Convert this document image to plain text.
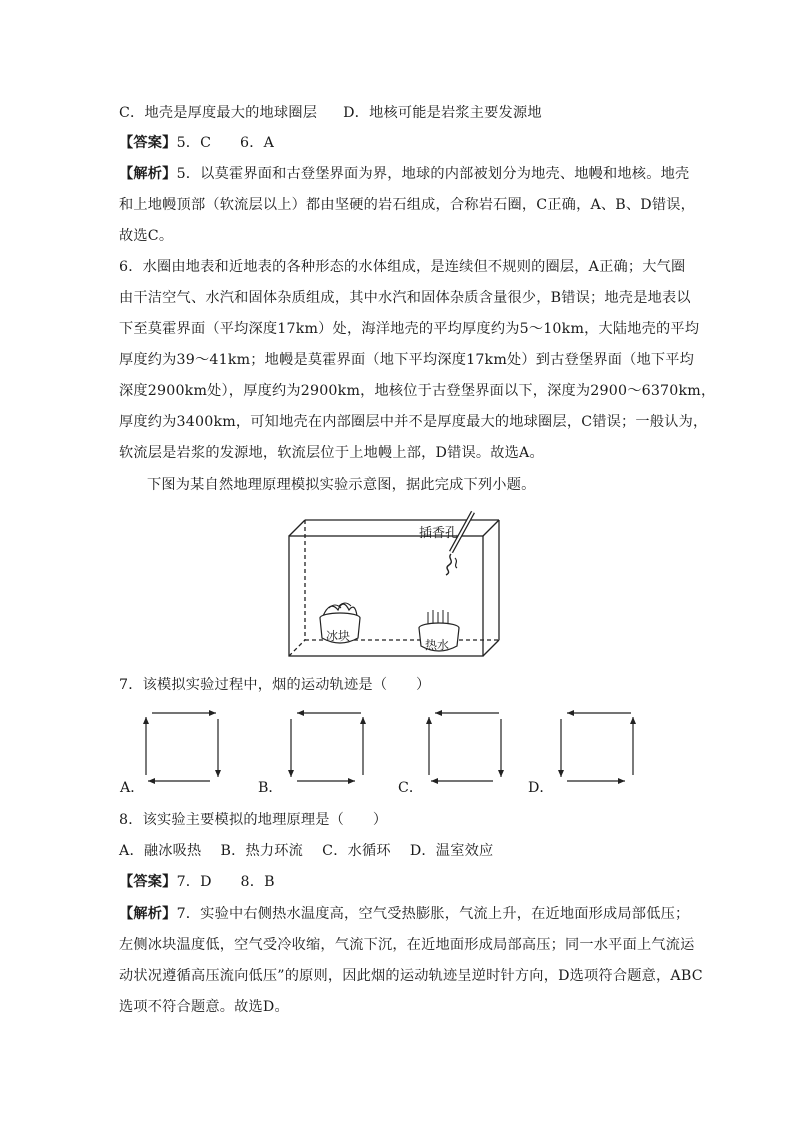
C．地壳是厚度最大的地球圈层 D．地核可能是岩浆主要发源地
【答案】5．C　　6．A
【解析】5．以莫霍界面和古登堡界面为界，地球的内部被划分为地壳、地幔和地核。地壳
和上地幔顶部（软流层以上）都由坚硬的岩石组成，合称岩石圈，C正确，A、B、D错误，
故选C。
6．水圈由地表和近地表的各种形态的水体组成，是连续但不规则的圈层，A正确；大气圈
由干洁空气、水汽和固体杂质组成，其中水汽和固体杂质含量很少，B错误；地壳是地表以
下至莫霍界面（平均深度17km）处，海洋地壳的平均厚度约为5～10km，大陆地壳的平均
厚度约为39～41km；地幔是莫霍界面（地下平均深度17km处）到古登堡界面（地下平均
深度2900km处），厚度约为2900km，地核位于古登堡界面以下，深度为2900～6370km，
厚度约为3400km，可知地壳在内部圈层中并不是厚度最大的地球圈层，C错误；一般认为，
软流层是岩浆的发源地，软流层位于上地幔上部，D错误。故选A。
下图为某自然地理原理模拟实验示意图，据此完成下列小题。
插香孔
冰块
热水
7．该模拟实验过程中，烟的运动轨迹是（　　）
A．	B．	C．	D．
8．该实验主要模拟的地理原理是（　　）
A．融冰吸热　 B．热力环流　 C．水循环　 D．温室效应
【答案】7．D　　8．B
【解析】7．实验中右侧热水温度高，空气受热膨胀，气流上升，在近地面形成局部低压；
左侧冰块温度低，空气受冷收缩，气流下沉，在近地面形成局部高压；同一水平面上气流运
动状况遵循高压流向低压”的原则，因此烟的运动轨迹呈逆时针方向，D选项符合题意，ABC
选项不符合题意。故选D。
